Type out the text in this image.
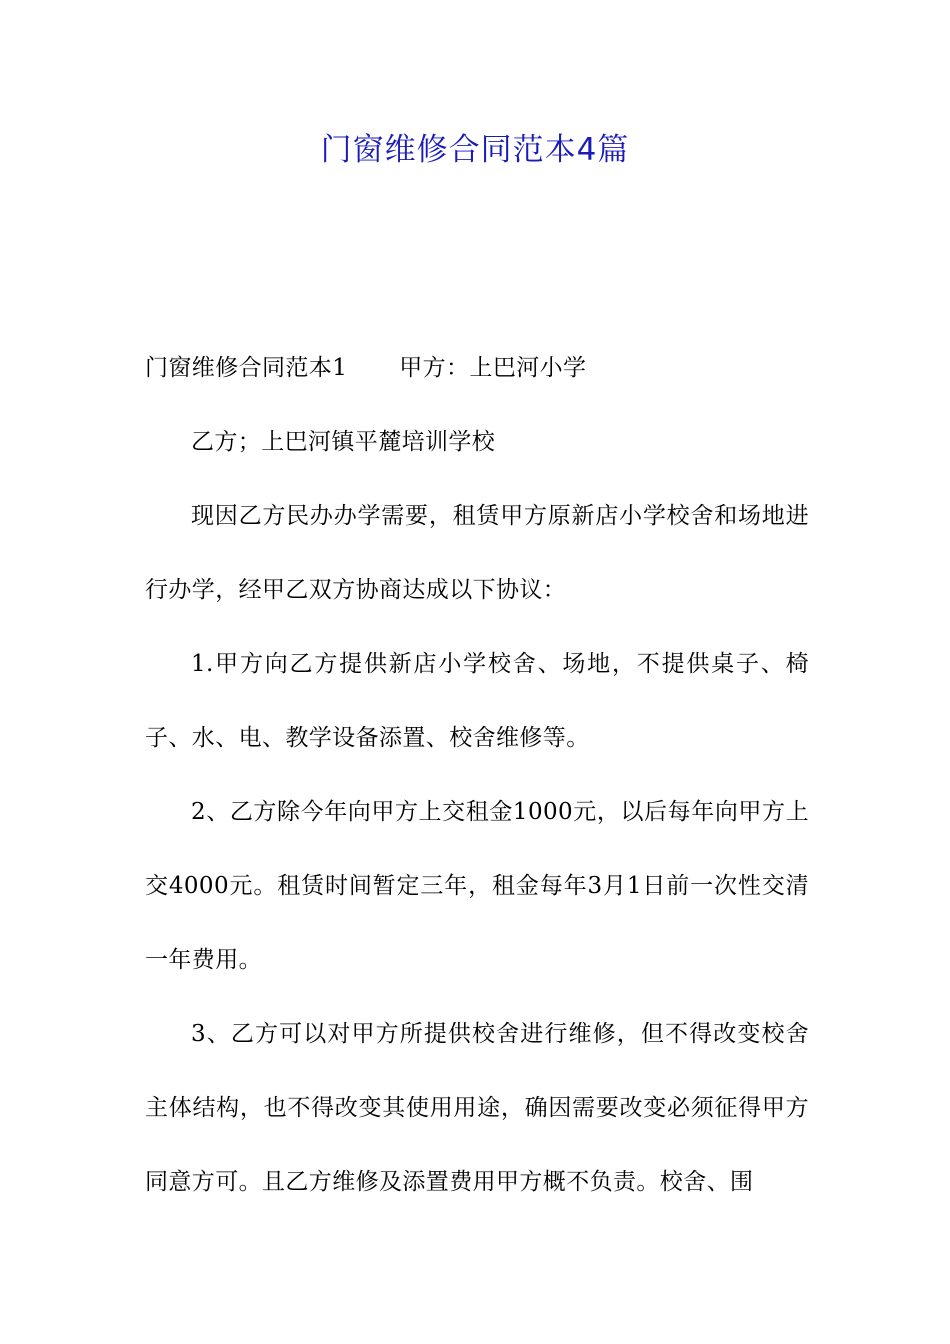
门窗维修合同范本4篇

门窗维修合同范本1 甲方：上巴河小学

乙方；上巴河镇平麓培训学校

现因乙方民办办学需要，租赁甲方原新店小学校舍和场地进行办学，经甲乙双方协商达成以下协议：

1.甲方向乙方提供新店小学校舍、场地，不提供桌子、椅子、水、电、教学设备添置、校舍维修等。

2、乙方除今年向甲方上交租金1000元，以后每年向甲方上交4000元。租赁时间暂定三年，租金每年3月1日前一次性交清一年费用。

3、乙方可以对甲方所提供校舍进行维修，但不得改变校舍主体结构，也不得改变其使用用途，确因需要改变必须征得甲方同意方可。且乙方维修及添置费用甲方概不负责。校舍、围
